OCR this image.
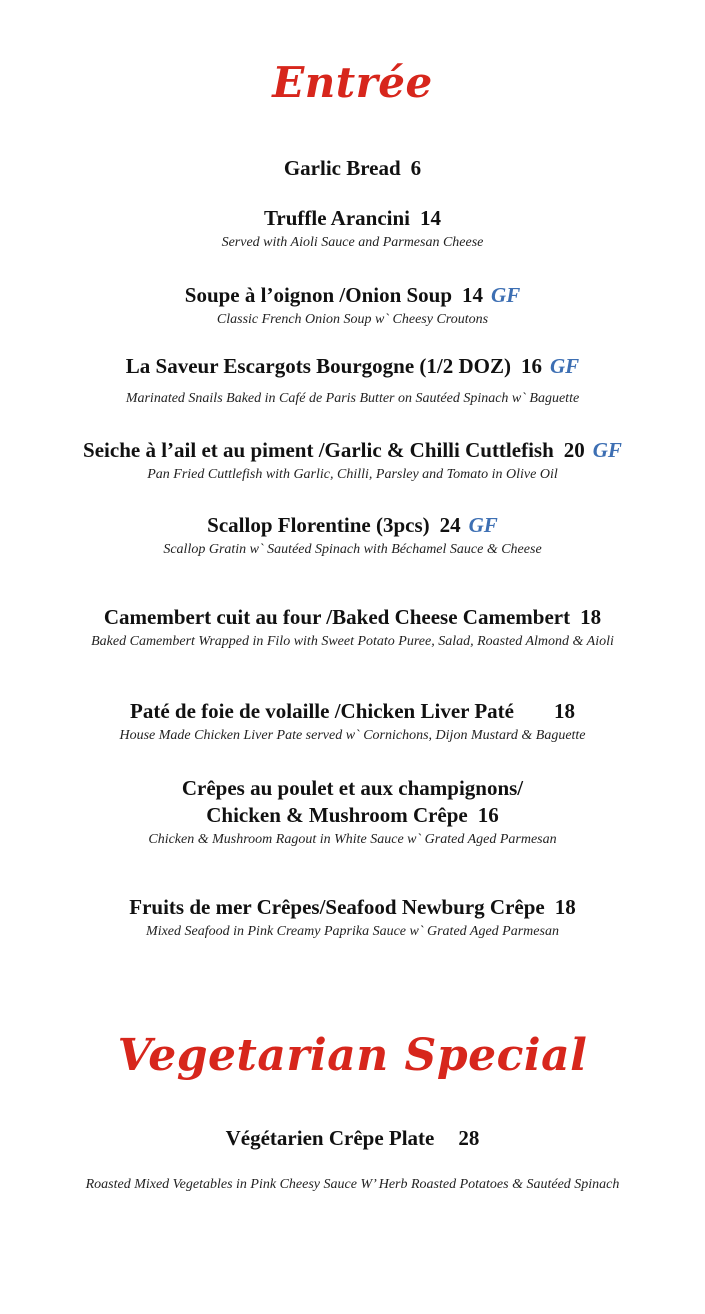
Entrée
Garlic Bread 6
Truffle Arancini 14
Served with Aioli Sauce and Parmesan Cheese
Soupe à l’oignon /Onion Soup 14 GF
Classic French Onion Soup w` Cheesy Croutons
La Saveur Escargots Bourgogne (1/2 DOZ) 16 GF
Marinated Snails Baked in Café de Paris Butter on Sautéed Spinach w` Baguette
Seiche à l’ail et au piment /Garlic & Chilli Cuttlefish 20 GF
Pan Fried Cuttlefish with Garlic, Chilli, Parsley and Tomato in Olive Oil
Scallop Florentine (3pcs) 24 GF
Scallop Gratin w` Sautéed Spinach with Béchamel Sauce & Cheese
Camembert cuit au four /Baked Cheese Camembert 18
Baked Camembert Wrapped in Filo with Sweet Potato Puree, Salad, Roasted Almond & Aioli
Paté de foie de volaille /Chicken Liver Paté 18
House Made Chicken Liver Pate served w` Cornichons, Dijon Mustard & Baguette
Crêpes au poulet et aux champignons/
Chicken & Mushroom Crêpe 16
Chicken & Mushroom Ragout in White Sauce w` Grated Aged Parmesan
Fruits de mer Crêpes/Seafood Newburg Crêpe 18
Mixed Seafood in Pink Creamy Paprika Sauce w` Grated Aged Parmesan
Vegetarian Special
Végétarien Crêpe Plate 28
Roasted Mixed Vegetables in Pink Cheesy Sauce W’ Herb Roasted Potatoes & Sautéed Spinach
